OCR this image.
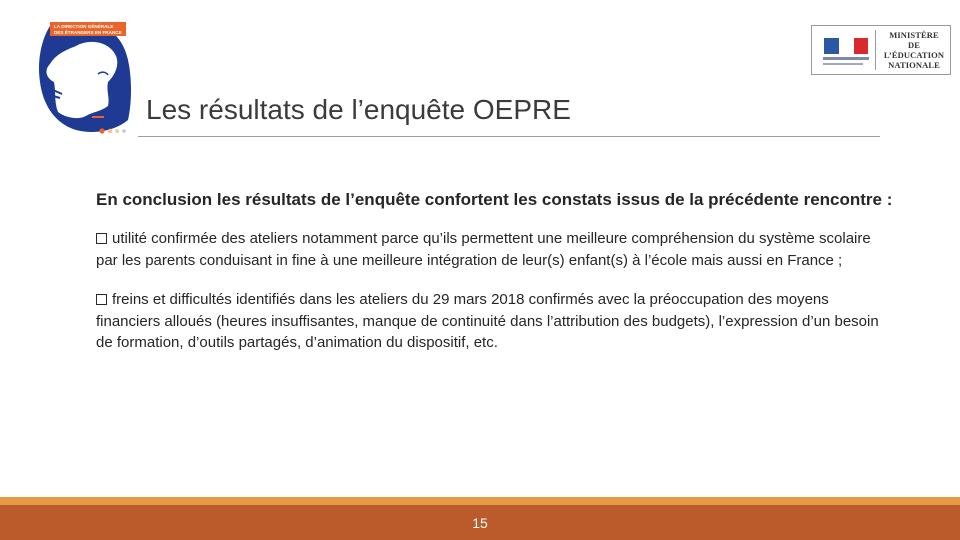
LA DIRECTION GÉNÉRALE
DES ÉTRANGERS EN FRANCE	MINISTÈRE
DE L’ÉDUCATION
NATIONALE
Les résultats de l’enquête OEPRE

En conclusion les résultats de l’enquête confortent les constats issus de la précédente rencontre :

utilité confirmée des ateliers notamment parce qu’ils permettent une meilleure compréhension du système scolaire par les parents conduisant in fine à une meilleure intégration de leur(s) enfant(s) à l’école mais aussi en France ;

freins et difficultés identifiés dans les ateliers du 29 mars 2018 confirmés avec la préoccupation des moyens financiers alloués (heures insuffisantes, manque de continuité dans l’attribution des budgets), l’expression d’un besoin de formation, d’outils partagés, d’animation du dispositif, etc.

15
